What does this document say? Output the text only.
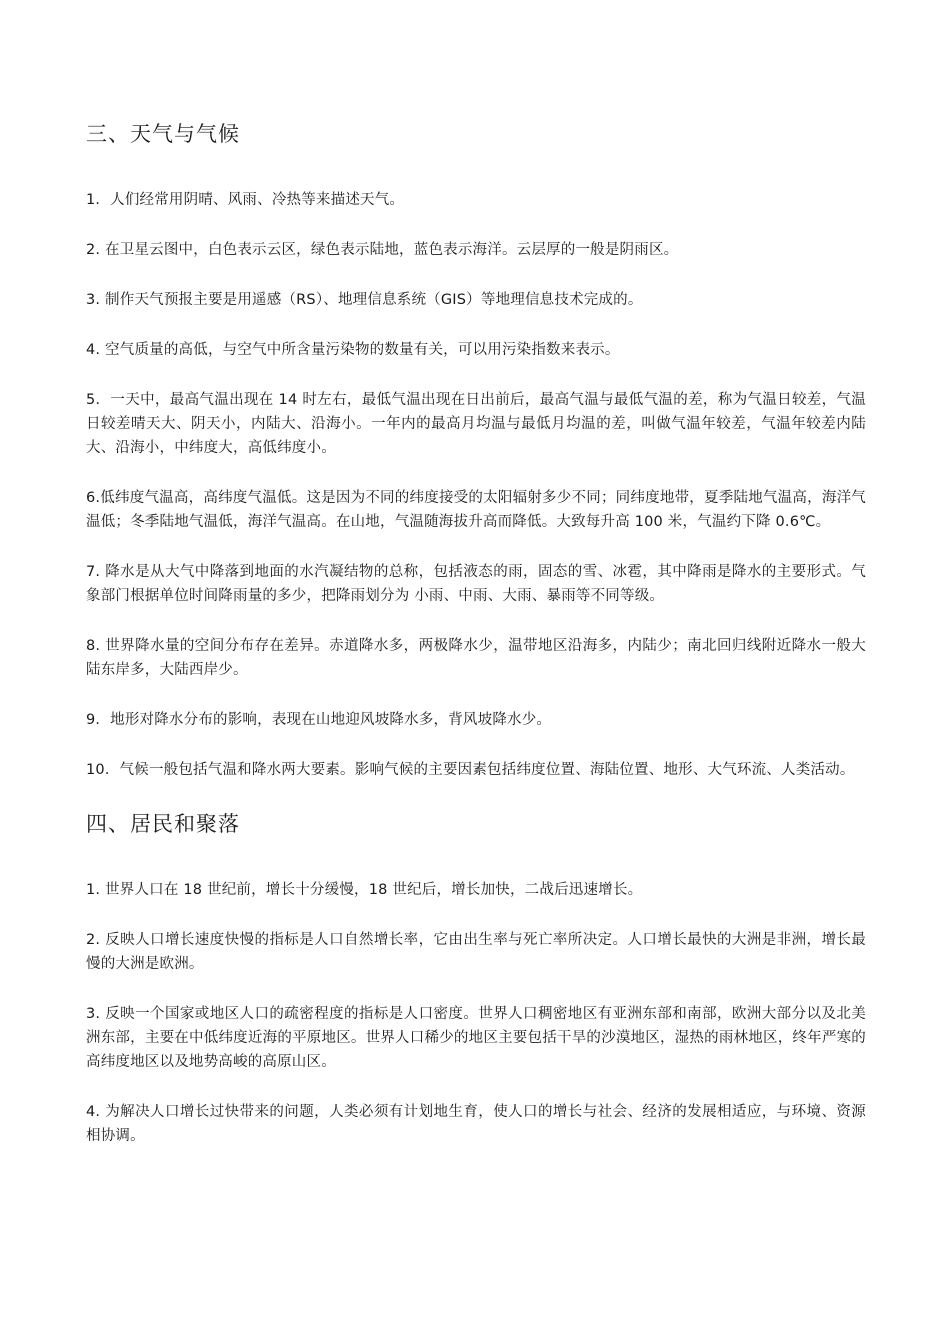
三、天气与气候

1．人们经常用阴晴、风雨、冷热等来描述天气。

2. 在卫星云图中，白色表示云区，绿色表示陆地，蓝色表示海洋。云层厚的一般是阴雨区。

3. 制作天气预报主要是用遥感（RS）、地理信息系统（GIS）等地理信息技术完成的。

4. 空气质量的高低，与空气中所含量污染物的数量有关，可以用污染指数来表示。

5．一天中，最高气温出现在 14 时左右，最低气温出现在日出前后，最高气温与最低气温的差，称为气温日较差，气温日较差晴天大、阴天小，内陆大、沿海小。一年内的最高月均温与最低月均温的差，叫做气温年较差，气温年较差内陆大、沿海小，中纬度大，高低纬度小。

6.低纬度气温高，高纬度气温低。这是因为不同的纬度接受的太阳辐射多少不同；同纬度地带，夏季陆地气温高，海洋气温低；冬季陆地气温低，海洋气温高。在山地，气温随海拔升高而降低。大致每升高 100 米，气温约下降 0.6℃。

7. 降水是从大气中降落到地面的水汽凝结物的总称，包括液态的雨，固态的雪、冰雹，其中降雨是降水的主要形式。气象部门根据单位时间降雨量的多少，把降雨划分为 小雨、中雨、大雨、暴雨等不同等级。

8. 世界降水量的空间分布存在差异。赤道降水多，两极降水少，温带地区沿海多，内陆少；南北回归线附近降水一般大陆东岸多，大陆西岸少。

9．地形对降水分布的影响，表现在山地迎风坡降水多，背风坡降水少。

10．气候一般包括气温和降水两大要素。影响气候的主要因素包括纬度位置、海陆位置、地形、大气环流、人类活动。

四、居民和聚落

1. 世界人口在 18 世纪前，增长十分缓慢，18 世纪后，增长加快，二战后迅速增长。

2. 反映人口增长速度快慢的指标是人口自然增长率，它由出生率与死亡率所决定。人口增长最快的大洲是非洲，增长最慢的大洲是欧洲。

3. 反映一个国家或地区人口的疏密程度的指标是人口密度。世界人口稠密地区有亚洲东部和南部，欧洲大部分以及北美洲东部，主要在中低纬度近海的平原地区。世界人口稀少的地区主要包括干旱的沙漠地区，湿热的雨林地区，终年严寒的高纬度地区以及地势高峻的高原山区。

4. 为解决人口增长过快带来的问题，人类必须有计划地生育，使人口的增长与社会、经济的发展相适应，与环境、资源相协调。
